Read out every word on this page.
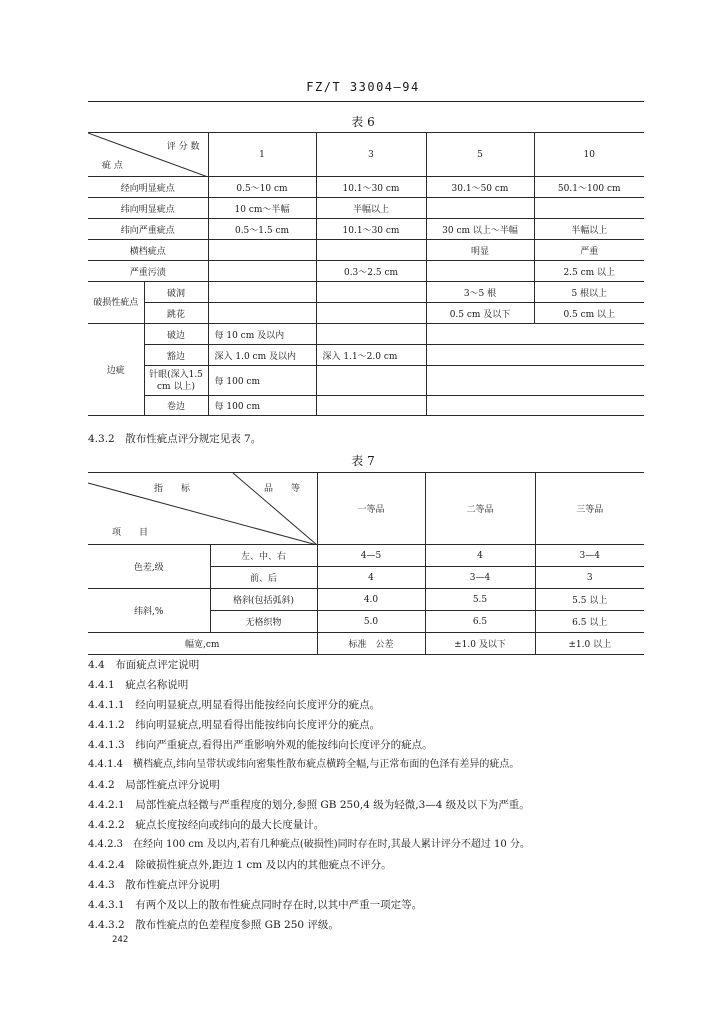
FZ/T 33004—94
表 6
评 分 数
疵 点		1	3	5	10
经向明显疵点		0.5～10 cm	10.1～30 cm	30.1～50 cm	50.1～100 cm
纬向明显疵点		10 cm～半幅	半幅以上		
纬向严重疵点		0.5～1.5 cm	10.1～30 cm	30 cm 以上～半幅	半幅以上
横档疵点				明显	严重
严重污渍			0.3～2.5 cm		2.5 cm 以上
破损性疵点	破洞			3～5 根	5 根以上
	跳花			0.5 cm 及以下	0.5 cm 以上
边疵	破边	每 10 cm 及以内			
	豁边	深入 1.0 cm 及以内	深入 1.1～2.0 cm		
	针眼(深入1.5 cm 以上)	每 100 cm			
	卷边	每 100 cm			
4.3.2　散布性疵点评分规定见表 7。
表 7
指　　标 品　　等
项　　目		一等品	二等品	三等品
色差,级	左、中、右	4—5	4	3—4
	前、后	4	3—4	3
纬斜,%	格斜(包括弧斜)	4.0	5.5	5.5 以上
	无格织物	5.0	6.5	6.5 以上
幅宽,cm		标准　公差	±1.0 及以下	±1.0 以上
4.4　布面疵点评定说明
4.4.1　疵点名称说明
4.4.1.1　经向明显疵点,明显看得出能按经向长度评分的疵点。
4.4.1.2　纬向明显疵点,明显看得出能按纬向长度评分的疵点。
4.4.1.3　纬向严重疵点,看得出严重影响外观的能按纬向长度评分的疵点。
4.4.1.4　横档疵点,纬向呈带状或纬向密集性散布疵点横跨全幅,与正常布面的色泽有差异的疵点。
4.4.2　局部性疵点评分说明
4.4.2.1　局部性疵点轻微与严重程度的划分,参照 GB 250,4 级为轻微,3—4 级及以下为严重。
4.4.2.2　疵点长度按经向或纬向的最大长度量计。
4.4.2.3　在经向 100 cm 及以内,若有几种疵点(破损性)同时存在时,其最人累计评分不超过 10 分。
4.4.2.4　除破损性疵点外,距边 1 cm 及以内的其他疵点不评分。
4.4.3　散布性疵点评分说明
4.4.3.1　有两个及以上的散布性疵点同时存在时,以其中严重一项定等。
4.4.3.2　散布性疵点的色差程度参照 GB 250 评级。
242
